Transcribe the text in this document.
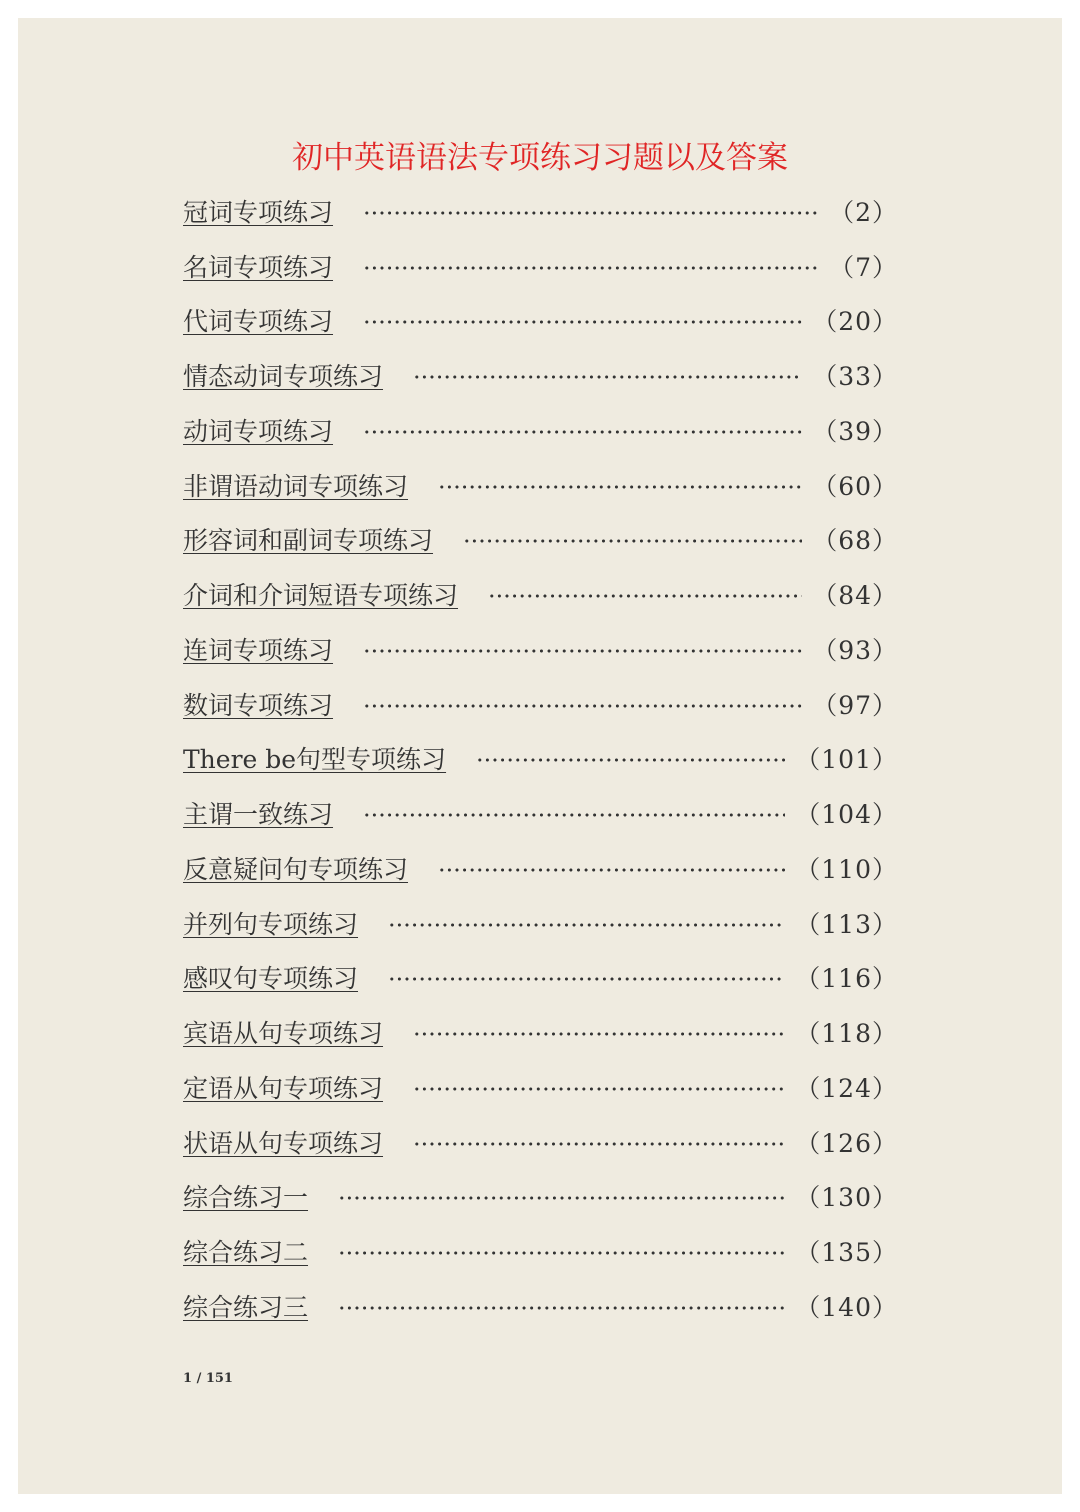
初中英语语法专项练习习题以及答案
冠词专项练习	（2）
名词专项练习	（7）
代词专项练习	（20）
情态动词专项练习	（33）
动词专项练习	（39）
非谓语动词专项练习	（60）
形容词和副词专项练习	（68）
介词和介词短语专项练习	（84）
连词专项练习	（93）
数词专项练习	（97）
There be句型专项练习	（101）
主谓一致练习	（104）
反意疑问句专项练习	（110）
并列句专项练习	（113）
感叹句专项练习	（116）
宾语从句专项练习	（118）
定语从句专项练习	（124）
状语从句专项练习	（126）
综合练习一	（130）
综合练习二	（135）
综合练习三	（140）
1 / 151
